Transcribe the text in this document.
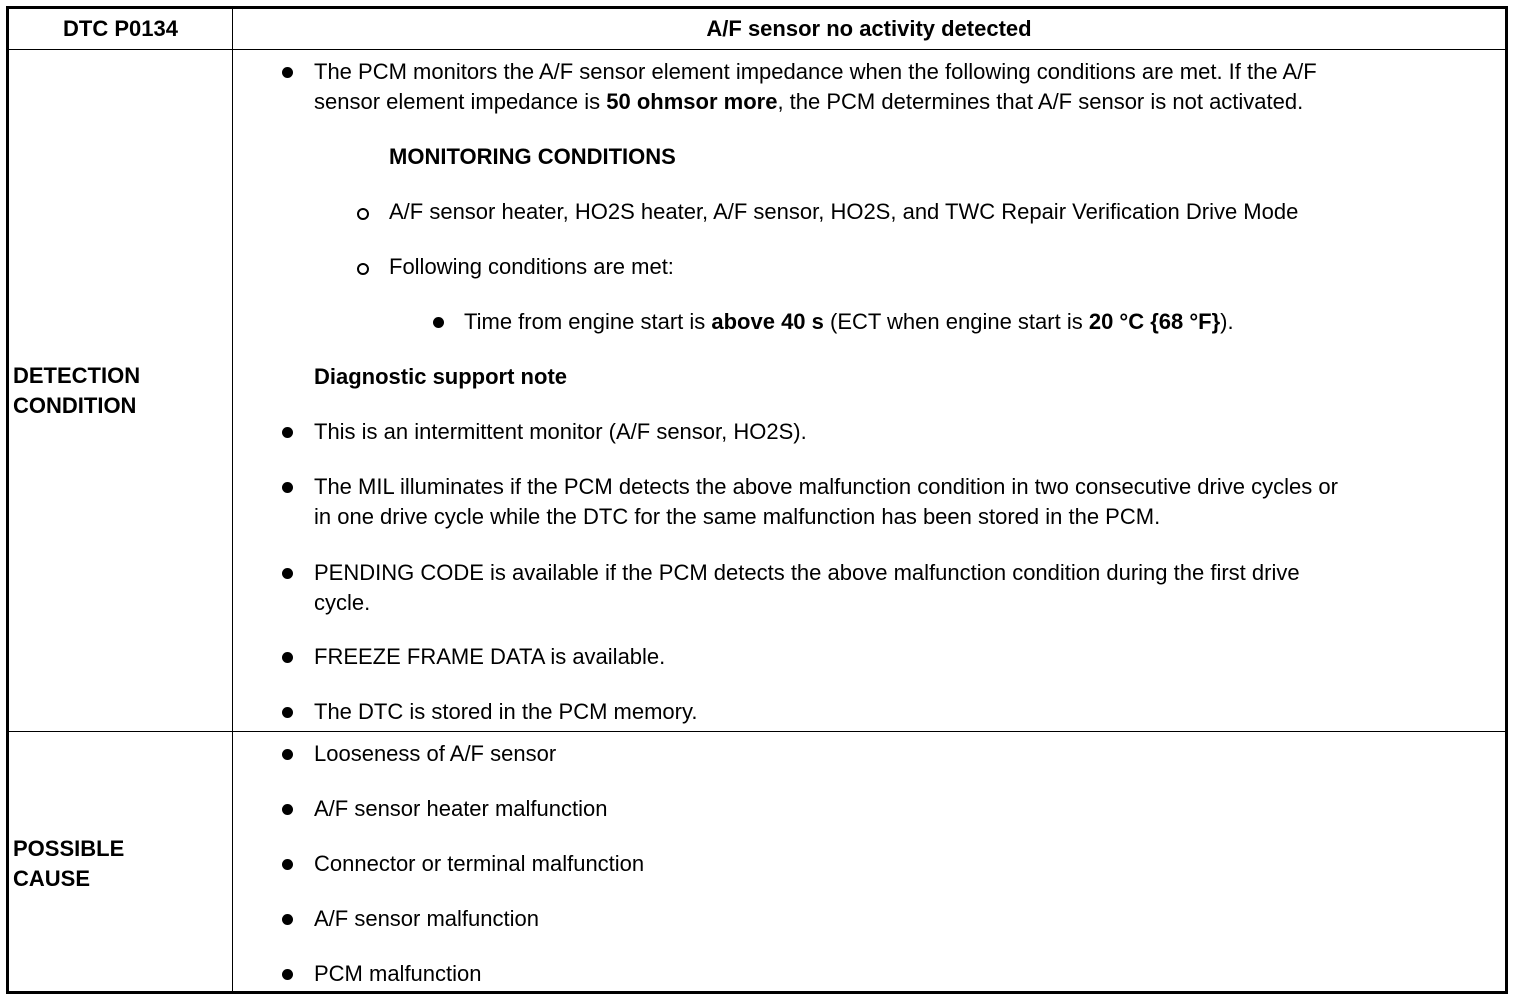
DTC P0134	A/F sensor no activity detected
DETECTION
CONDITION
The PCM monitors the A/F sensor element impedance when the following conditions are met. If the A/F
sensor element impedance is 50 ohmsor more, the PCM determines that A/F sensor is not activated.
MONITORING CONDITIONS
A/F sensor heater, HO2S heater, A/F sensor, HO2S, and TWC Repair Verification Drive Mode
Following conditions are met:
Time from engine start is above 40 s (ECT when engine start is 20 °C {68 °F}).
Diagnostic support note
This is an intermittent monitor (A/F sensor, HO2S).
The MIL illuminates if the PCM detects the above malfunction condition in two consecutive drive cycles or
in one drive cycle while the DTC for the same malfunction has been stored in the PCM.
PENDING CODE is available if the PCM detects the above malfunction condition during the first drive
cycle.
FREEZE FRAME DATA is available.
The DTC is stored in the PCM memory.
POSSIBLE
CAUSE
Looseness of A/F sensor
A/F sensor heater malfunction
Connector or terminal malfunction
A/F sensor malfunction
PCM malfunction
